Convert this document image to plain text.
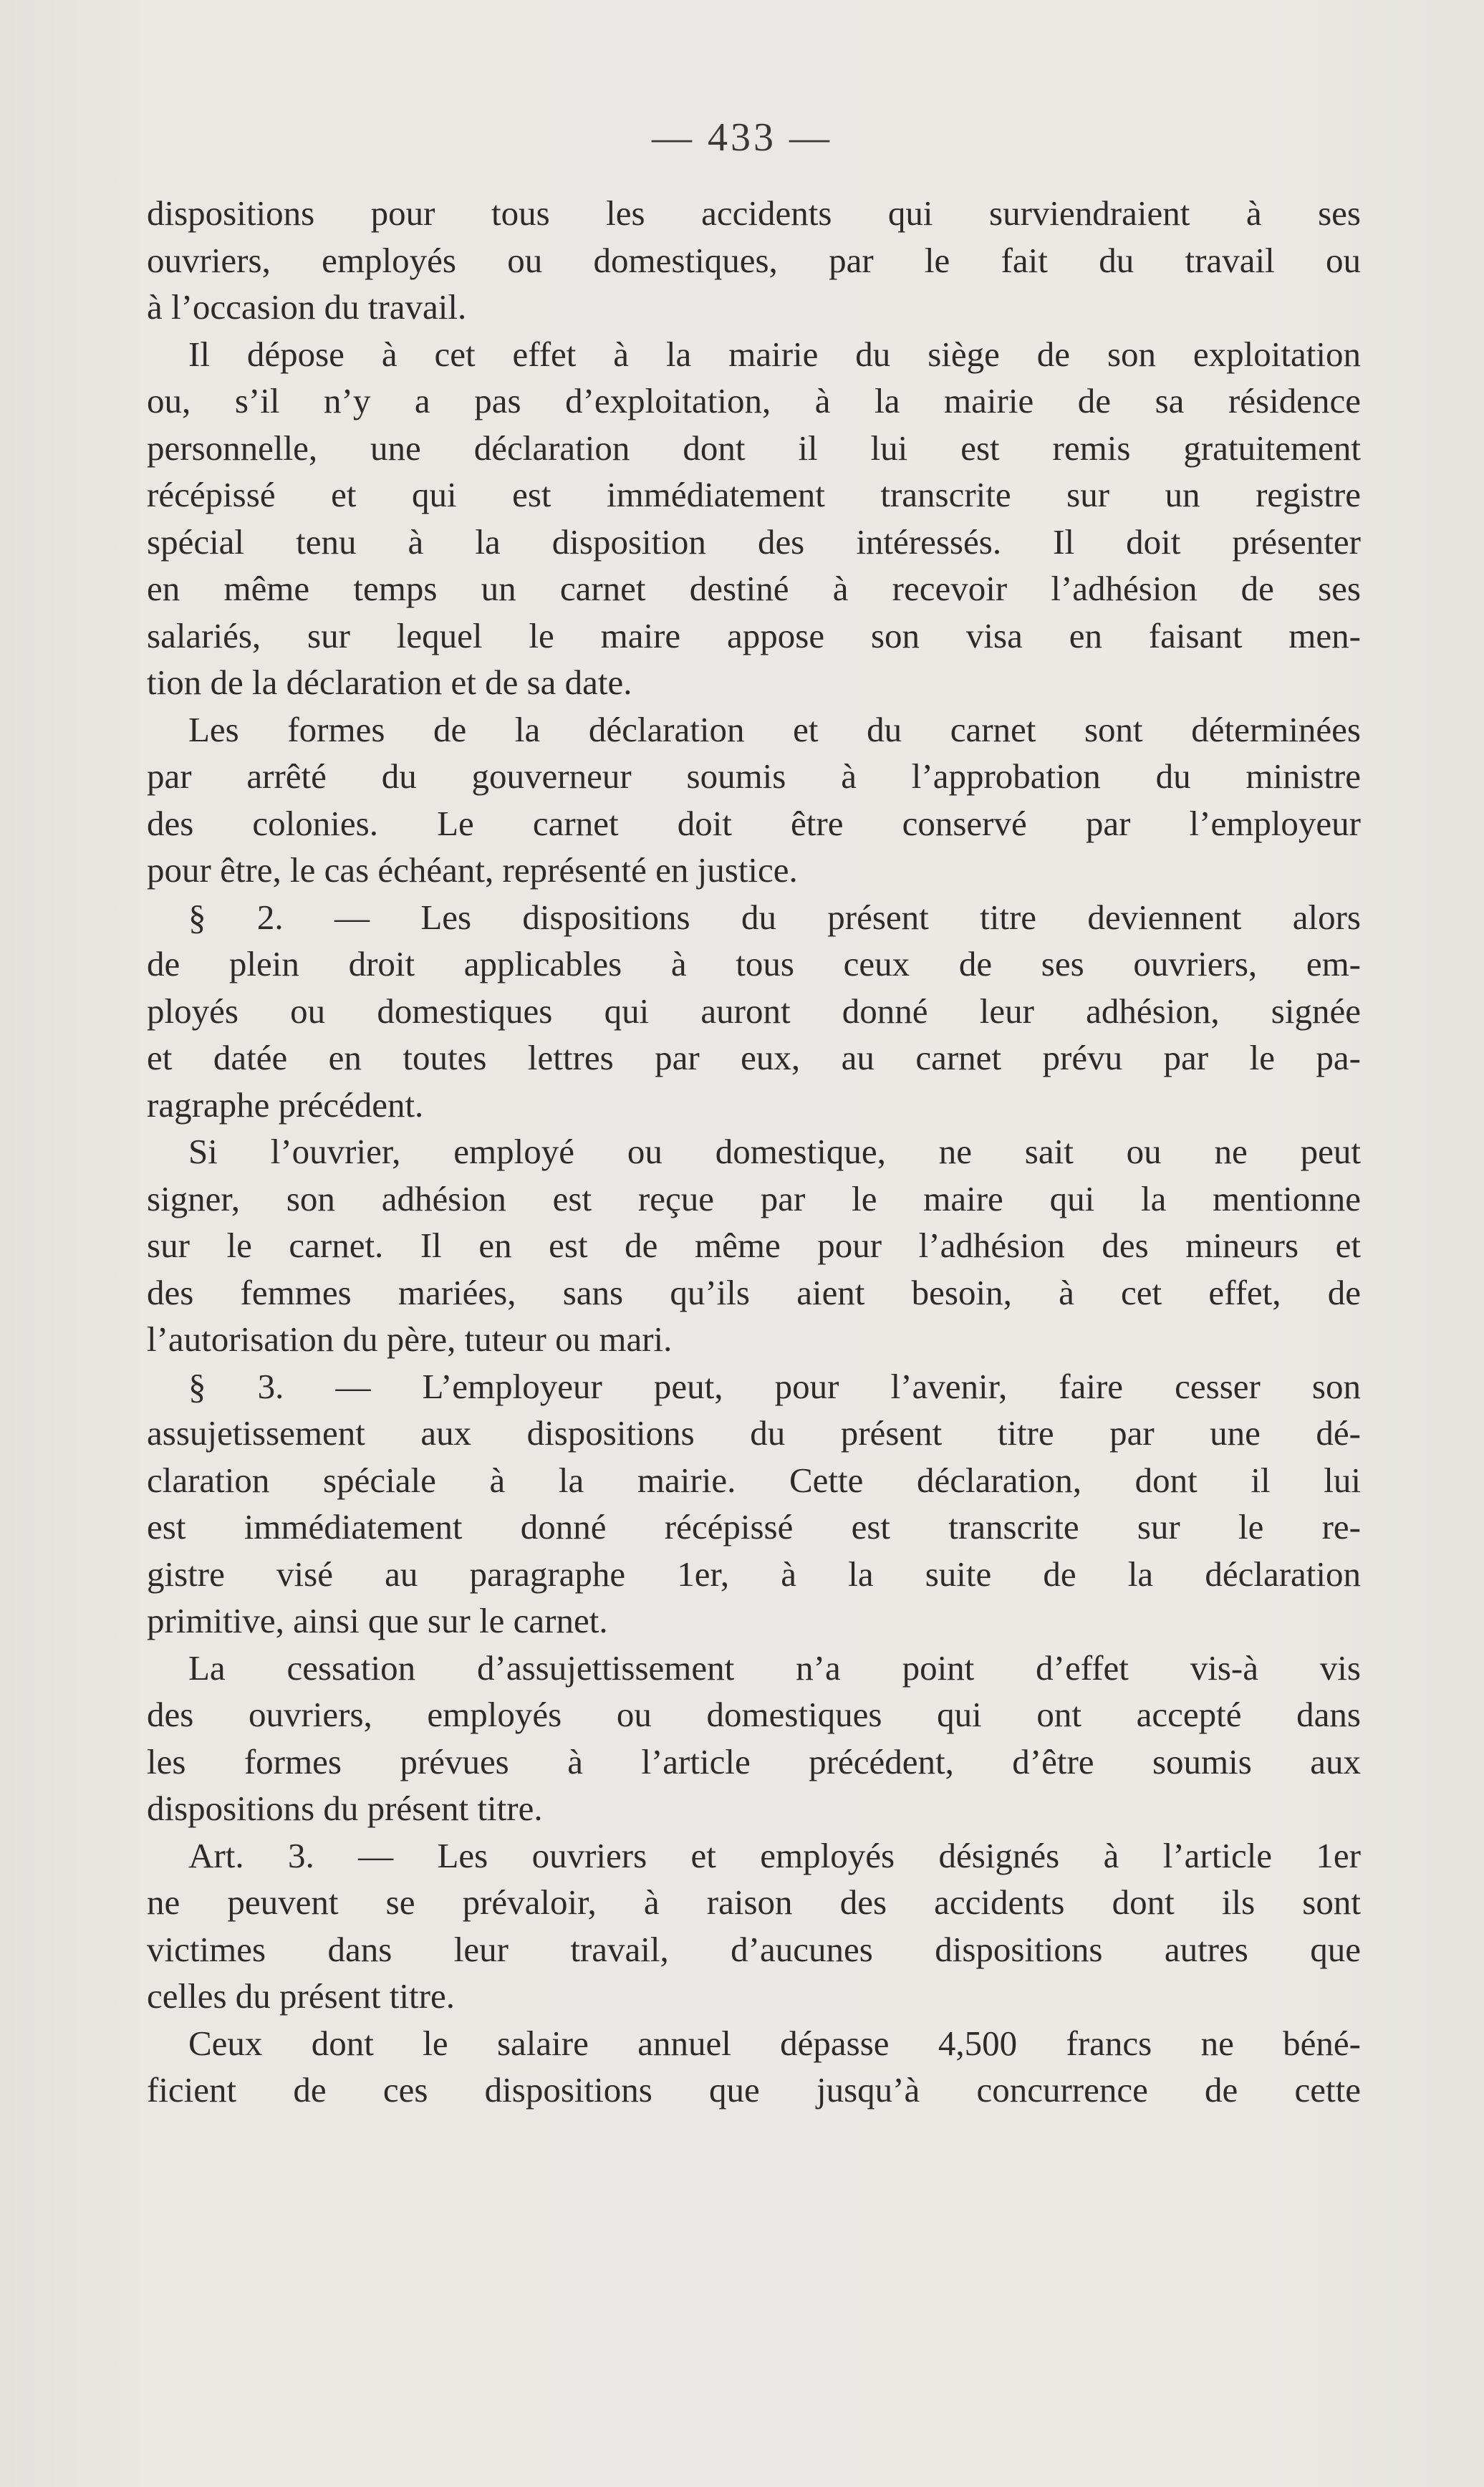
— 433 —
dispositions pour tous les accidents qui surviendraient à ses
ouvriers, employés ou domestiques, par le fait du travail ou
à l’occasion du travail.
Il dépose à cet effet à la mairie du siège de son exploitation
ou, s’il n’y a pas d’exploitation, à la mairie de sa résidence
personnelle, une déclaration dont il lui est remis gratuitement
récépissé et qui est immédiatement transcrite sur un registre
spécial tenu à la disposition des intéressés. Il doit présenter
en même temps un carnet destiné à recevoir l’adhésion de ses
salariés, sur lequel le maire appose son visa en faisant men-
tion de la déclaration et de sa date.
Les formes de la déclaration et du carnet sont déterminées
par arrêté du gouverneur soumis à l’approbation du ministre
des colonies. Le carnet doit être conservé par l’employeur
pour être, le cas échéant, représenté en justice.
§ 2. — Les dispositions du présent titre deviennent alors
de plein droit applicables à tous ceux de ses ouvriers, em-
ployés ou domestiques qui auront donné leur adhésion, signée
et datée en toutes lettres par eux, au carnet prévu par le pa-
ragraphe précédent.
Si l’ouvrier, employé ou domestique, ne sait ou ne peut
signer, son adhésion est reçue par le maire qui la mentionne
sur le carnet. Il en est de même pour l’adhésion des mineurs et
des femmes mariées, sans qu’ils aient besoin, à cet effet, de
l’autorisation du père, tuteur ou mari.
§ 3. — L’employeur peut, pour l’avenir, faire cesser son
assujetissement aux dispositions du présent titre par une dé-
claration spéciale à la mairie. Cette déclaration, dont il lui
est immédiatement donné récépissé est transcrite sur le re-
gistre visé au paragraphe 1er, à la suite de la déclaration
primitive, ainsi que sur le carnet.
La cessation d’assujettissement n’a point d’effet vis-à vis
des ouvriers, employés ou domestiques qui ont accepté dans
les formes prévues à l’article précédent, d’être soumis aux
dispositions du présent titre.
Art. 3. — Les ouvriers et employés désignés à l’article 1er
ne peuvent se prévaloir, à raison des accidents dont ils sont
victimes dans leur travail, d’aucunes dispositions autres que
celles du présent titre.
Ceux dont le salaire annuel dépasse 4,500 francs ne béné-
ficient de ces dispositions que jusqu’à concurrence de cette
